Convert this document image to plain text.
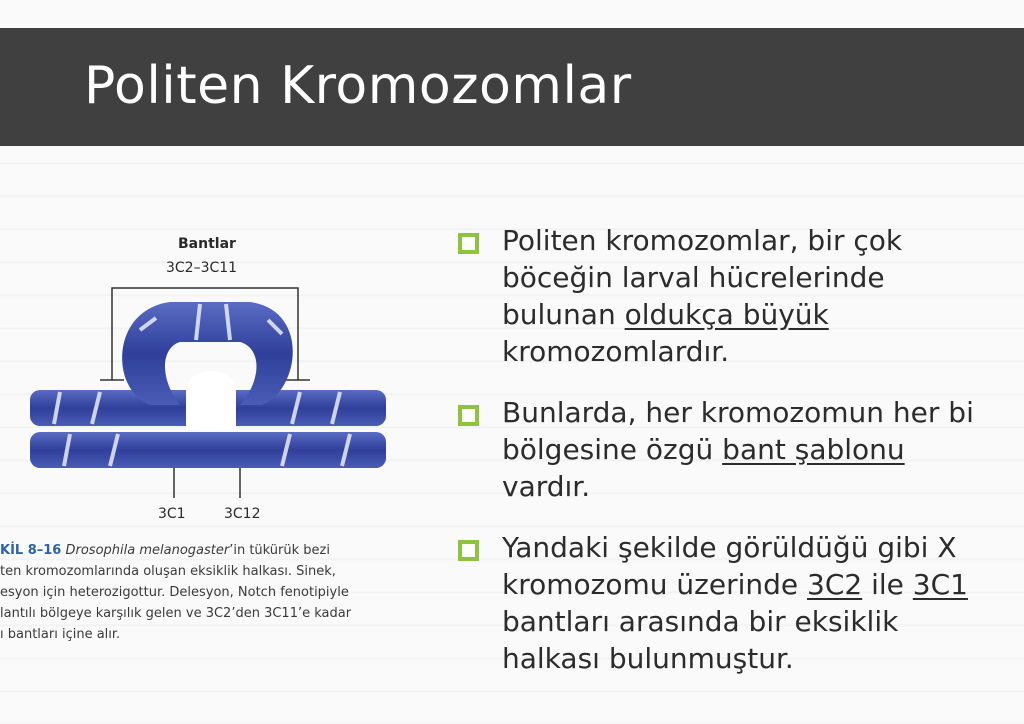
Politen Kromozomlar
Bantlar
3C2–3C11
3C1	3C12
KİL 8–16 Drosophila melanogaster’in tükürük bezi
ten kromozomlarında oluşan eksiklik halkası. Sinek,
esyon için heterozigottur. Delesyon, Notch fenotipiyle
lantılı bölgeye karşılık gelen ve 3C2’den 3C11’e kadar
ı bantları içine alır.
Politen kromozomlar, bir çok
böceğin larval hücrelerinde
bulunan oldukça büyük
kromozomlardır.
Bunlarda, her kromozomun her bi
bölgesine özgü bant şablonu
vardır.
Yandaki şekilde görüldüğü gibi X
kromozomu üzerinde 3C2 ile 3C1
bantları arasında bir eksiklik
halkası bulunmuştur.
